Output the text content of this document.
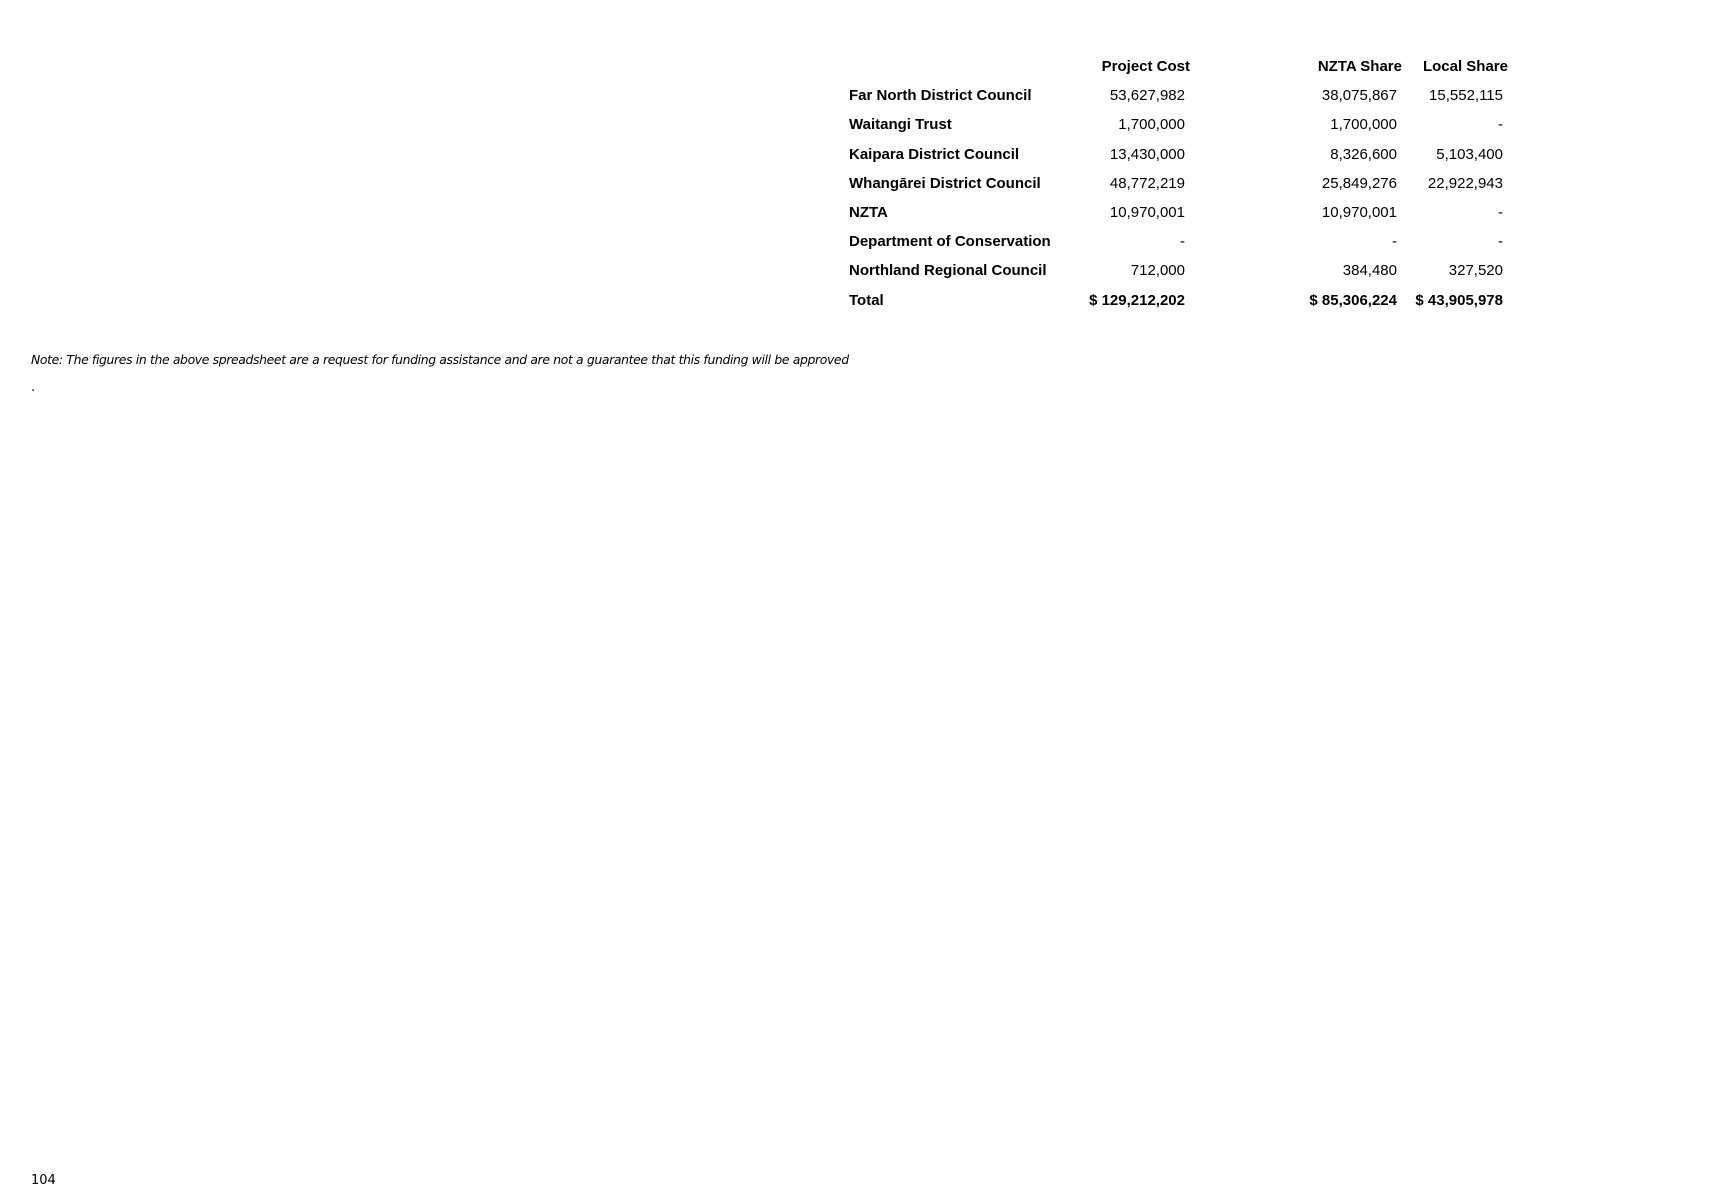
	Project Cost		NZTA Share	Local Share
Far North District Council	53,627,982		38,075,867	15,552,115
Waitangi Trust	1,700,000		1,700,000	-
Kaipara District Council	13,430,000		8,326,600	5,103,400
Whangārei District Council	48,772,219		25,849,276	22,922,943
NZTA	10,970,001		10,970,001	-
Department of Conservation	-		-	-
Northland Regional Council	712,000		384,480	327,520
Total	$ 129,212,202		$ 85,306,224	$ 43,905,978
Note: The figures in the above spreadsheet are a request for funding assistance and are not a guarantee that this funding will be approved
.
104
